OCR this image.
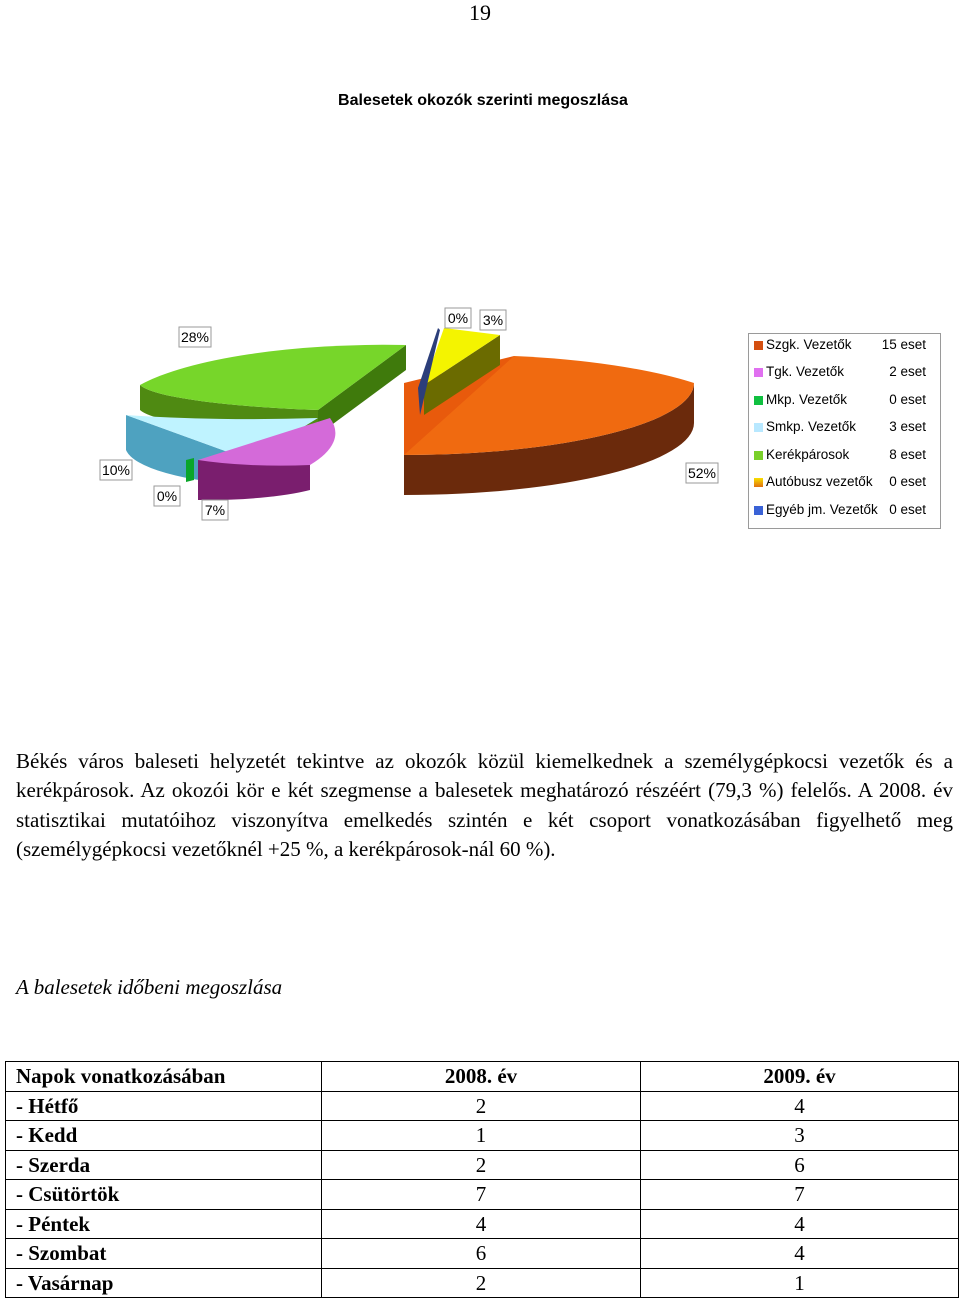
19
Balesetek okozók szerinti megoszlása
28%
0% 3%
10%
0%
7%
52%
Szgk. Vezetők 15 eset
Tgk. Vezetők	2 eset
Mkp. Vezetők	0 eset
Smkp. Vezetők 3 eset
Kerékpárosok	8 eset
Autóbusz vezetők 0 eset
Egyéb jm. Vezetők 0 eset
Békés város baleseti helyzetét tekintve az okozók közül kiemelkednek a személygépkocsi vezetők és a kerékpárosok. Az okozói kör e két szegmense a balesetek meghatározó részéért (79,3 %) felelős. A 2008. év statisztikai mutatóihoz viszonyítva emelkedés szintén e két csoport vonatkozásában figyelhető meg (személygépkocsi vezetőknél +25 %, a kerékpárosok-nál 60 %).
A balesetek időbeni megoszlása
Napok vonatkozásában	2008. év	2009. év
- Hétfő	2	4
- Kedd	1	3
- Szerda	2	6
- Csütörtök	7	7
- Péntek	4	4
- Szombat	6	4
- Vasárnap	2	1
